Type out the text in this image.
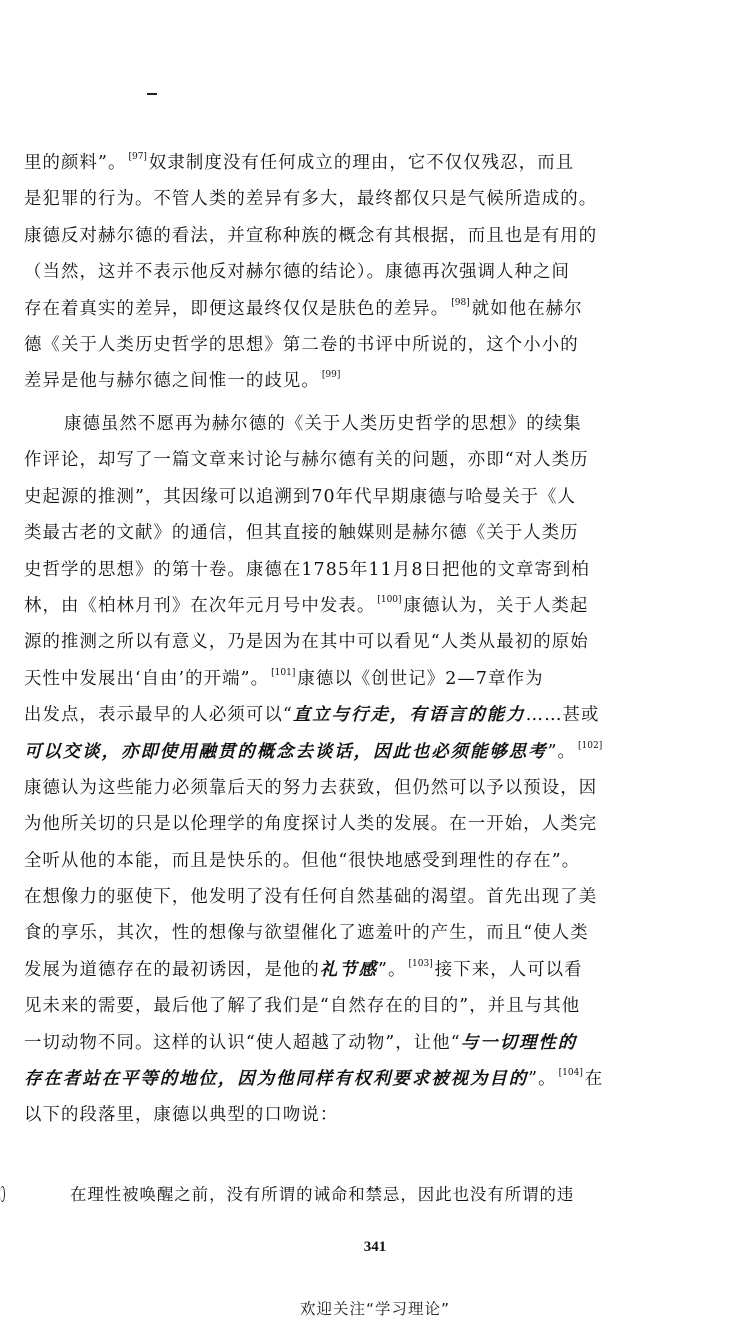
里的颜料”。 [97] 奴隶制度没有任何成立的理由，它不仅仅残忍，而且
是犯罪的行为。不管人类的差异有多大，最终都仅只是气候所造成的。
康德反对赫尔德的看法，并宣称种族的概念有其根据，而且也是有用的
（当然，这并不表示他反对赫尔德的结论）。康德再次强调人种之间
存在着真实的差异，即便这最终仅仅是肤色的差异。 [98] 就如他在赫尔
德《关于人类历史哲学的思想》第二卷的书评中所说的，这个小小的
差异是他与赫尔德之间惟一的歧见。 [99]
康德虽然不愿再为赫尔德的《关于人类历史哲学的思想》的续集
作评论，却写了一篇文章来讨论与赫尔德有关的问题，亦即“对人类历
史起源的推测”，其因缘可以追溯到70年代早期康德与哈曼关于《人
类最古老的文献》的通信，但其直接的触媒则是赫尔德《关于人类历
史哲学的思想》的第十卷。康德在1785年11月8日把他的文章寄到柏
林，由《柏林月刊》在次年元月号中发表。 [100] 康德认为，关于人类起
源的推测之所以有意义，乃是因为在其中可以看见“人类从最初的原始
天性中发展出‘自由’的开端”。 [101] 康德以《创世记》2—7章作为
出发点，表示最早的人必须可以“直立与行走，有语言的能力……甚或
可以交谈，亦即使用融贯的概念去谈话，因此也必须能够思考”。 [102]
康德认为这些能力必须靠后天的努力去获致，但仍然可以予以预设，因
为他所关切的只是以伦理学的角度探讨人类的发展。在一开始，人类完
全听从他的本能，而且是快乐的。但他“很快地感受到理性的存在”。
在想像力的驱使下，他发明了没有任何自然基础的渴望。首先出现了美
食的享乐，其次，性的想像与欲望催化了遮羞叶的产生，而且“使人类
发展为道德存在的最初诱因，是他的礼节感”。 [103] 接下来，人可以看
见未来的需要，最后他了解了我们是“自然存在的目的”，并且与其他
一切动物不同。这样的认识“使人超越了动物”，让他“与一切理性的
存在者站在平等的地位，因为他同样有权利要求被视为目的”。 [104] 在
以下的段落里，康德以典型的口吻说：
在理性被唤醒之前，没有所谓的诫命和禁忌，因此也没有所谓的违
341
欢迎关注“学习理论”
